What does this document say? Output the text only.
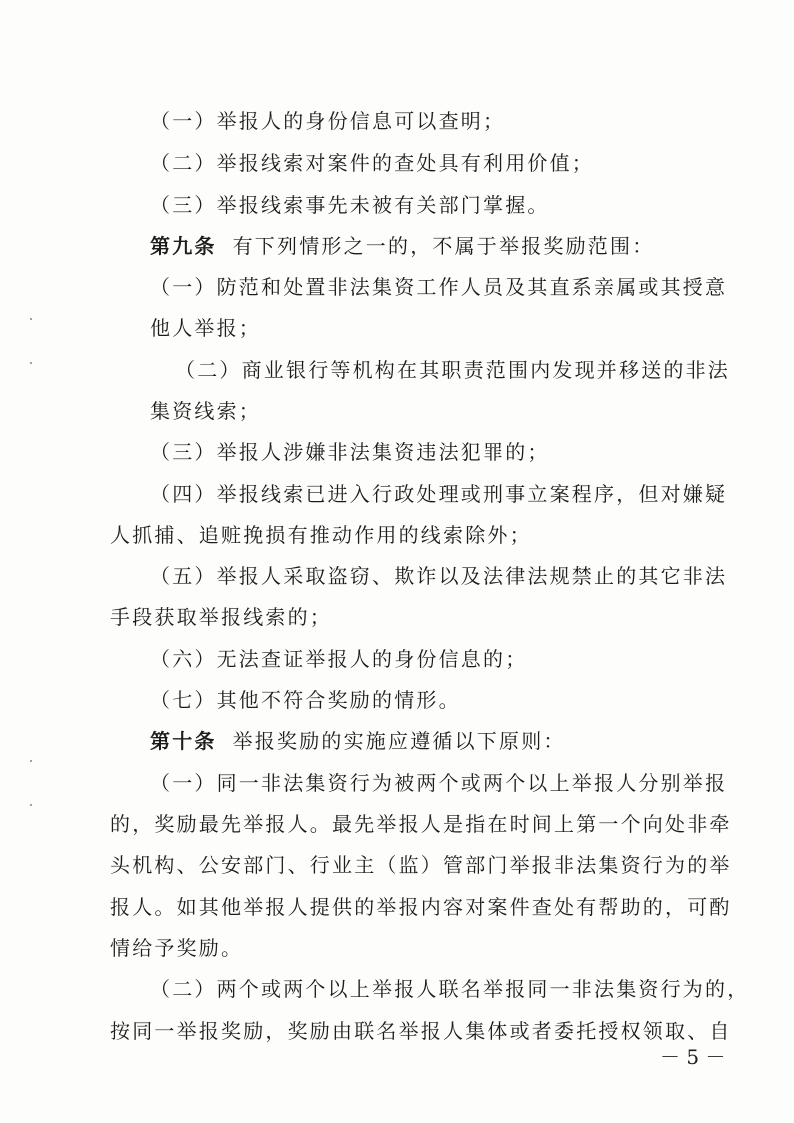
（一）举报人的身份信息可以查明；
（二）举报线索对案件的查处具有利用价值；
（三）举报线索事先未被有关部门掌握。
第九条 有下列情形之一的，不属于举报奖励范围：
（一）防范和处置非法集资工作人员及其直系亲属或其授意
他人举报；
（二）商业银行等机构在其职责范围内发现并移送的非法
集资线索；
（三）举报人涉嫌非法集资违法犯罪的；
（四）举报线索已进入行政处理或刑事立案程序，但对嫌疑
人抓捕、追赃挽损有推动作用的线索除外；
（五）举报人采取盗窃、欺诈以及法律法规禁止的其它非法
手段获取举报线索的；
（六）无法查证举报人的身份信息的；
（七）其他不符合奖励的情形。
第十条 举报奖励的实施应遵循以下原则：
（一）同一非法集资行为被两个或两个以上举报人分别举报
的，奖励最先举报人。最先举报人是指在时间上第一个向处非牵
头机构、公安部门、行业主（监）管部门举报非法集资行为的举
报人。如其他举报人提供的举报内容对案件查处有帮助的，可酌
情给予奖励。
（二）两个或两个以上举报人联名举报同一非法集资行为的，
按同一举报奖励，奖励由联名举报人集体或者委托授权领取、自
－ 5 －
